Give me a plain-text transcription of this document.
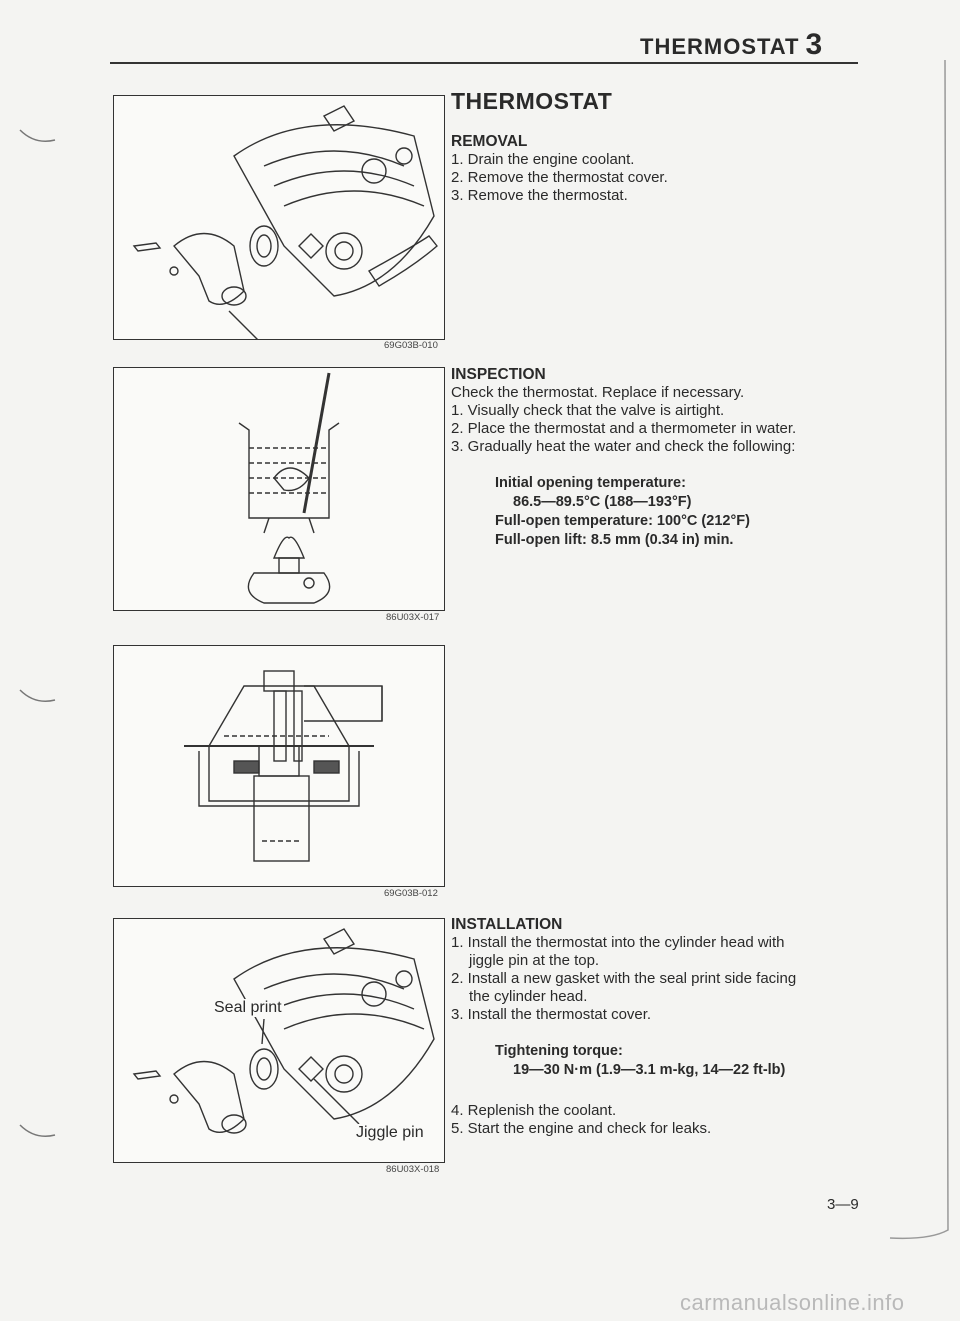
THERMOSTAT 3
69G03B-010
86U03X-017
69G03B-012
Seal print
Jiggle pin
86U03X-018
THERMOSTAT
REMOVAL
1. Drain the engine coolant.
2. Remove the thermostat cover.
3. Remove the thermostat.
INSPECTION
Check the thermostat. Replace if necessary.
1. Visually check that the valve is airtight.
2. Place the thermostat and a thermometer in water.
3. Gradually heat the water and check the following:
Initial opening temperature:
86.5—89.5°C (188—193°F)
Full-open temperature: 100°C (212°F)
Full-open lift: 8.5 mm (0.34 in) min.
INSTALLATION
1. Install the thermostat into the cylinder head with
jiggle pin at the top.
2. Install a new gasket with the seal print side facing
the cylinder head.
3. Install the thermostat cover.
Tightening torque:
19—30 N·m (1.9—3.1 m-kg, 14—22 ft-lb)
4. Replenish the coolant.
5. Start the engine and check for leaks.
3—9
carmanualsonline.info
